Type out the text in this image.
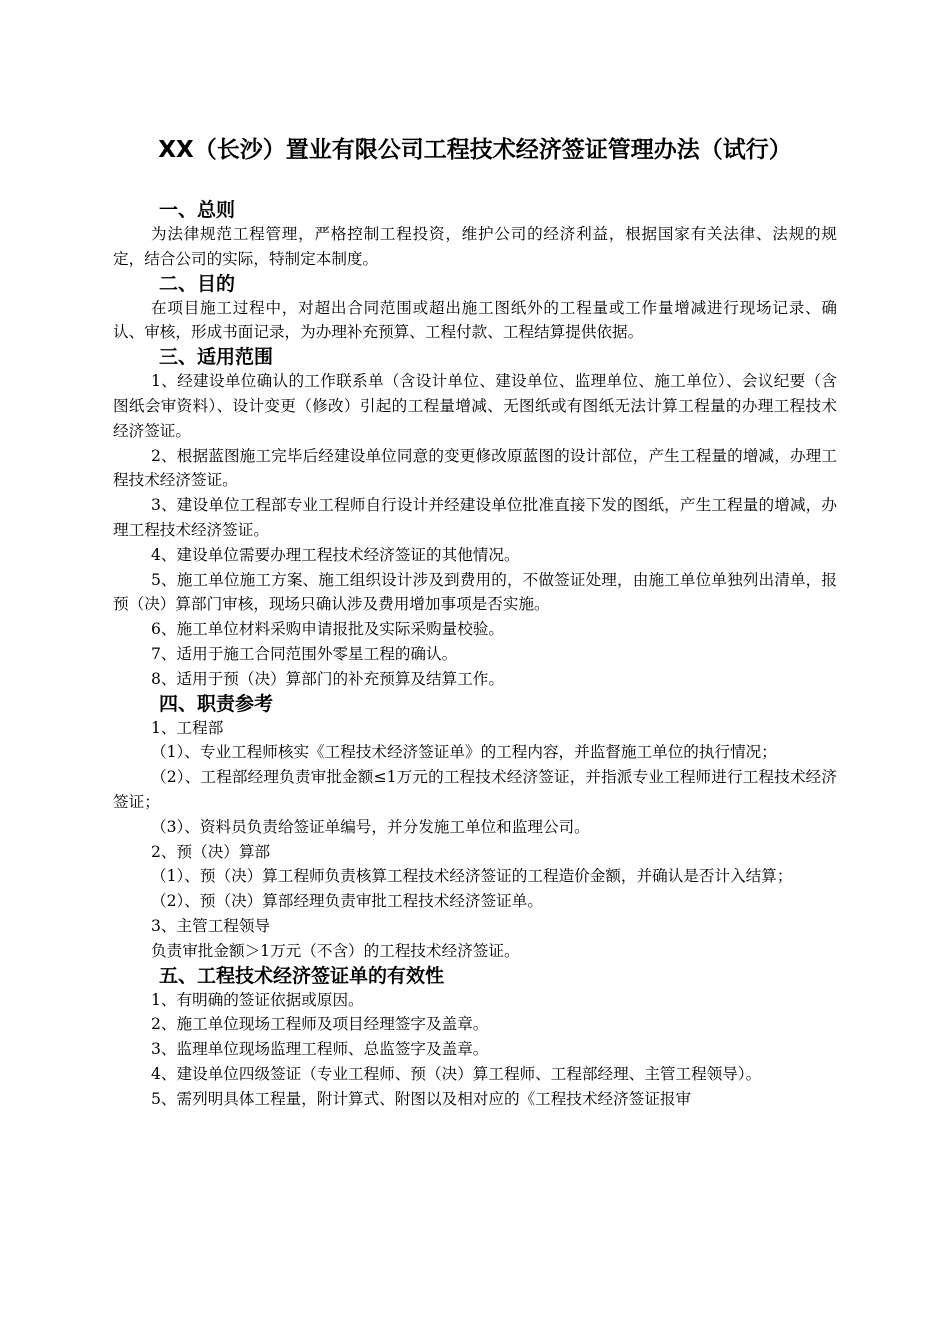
XX（长沙）置业有限公司工程技术经济签证管理办法（试行）
一、总则
为法律规范工程管理，严格控制工程投资，维护公司的经济利益，根据国家有关法律、法规的规定，结合公司的实际，特制定本制度。
二、目的
在项目施工过程中，对超出合同范围或超出施工图纸外的工程量或工作量增减进行现场记录、确认、审核，形成书面记录，为办理补充预算、工程付款、工程结算提供依据。
三、适用范围
1、经建设单位确认的工作联系单（含设计单位、建设单位、监理单位、施工单位）、会议纪要（含图纸会审资料）、设计变更（修改）引起的工程量增减、无图纸或有图纸无法计算工程量的办理工程技术经济签证。
2、根据蓝图施工完毕后经建设单位同意的变更修改原蓝图的设计部位，产生工程量的增减，办理工程技术经济签证。
3、建设单位工程部专业工程师自行设计并经建设单位批准直接下发的图纸，产生工程量的增减，办理工程技术经济签证。
4、建设单位需要办理工程技术经济签证的其他情况。
5、施工单位施工方案、施工组织设计涉及到费用的，不做签证处理，由施工单位单独列出清单，报预（决）算部门审核，现场只确认涉及费用增加事项是否实施。
6、施工单位材料采购申请报批及实际采购量校验。
7、适用于施工合同范围外零星工程的确认。
8、适用于预（决）算部门的补充预算及结算工作。
四、职责参考
1、工程部
（1）、专业工程师核实《工程技术经济签证单》的工程内容，并监督施工单位的执行情况；
（2）、工程部经理负责审批金额≤1万元的工程技术经济签证，并指派专业工程师进行工程技术经济签证；
（3）、资料员负责给签证单编号，并分发施工单位和监理公司。
2、预（决）算部
（1）、预（决）算工程师负责核算工程技术经济签证的工程造价金额，并确认是否计入结算；
（2）、预（决）算部经理负责审批工程技术经济签证单。
3、主管工程领导
负责审批金额＞1万元（不含）的工程技术经济签证。
五、工程技术经济签证单的有效性
1、有明确的签证依据或原因。
2、施工单位现场工程师及项目经理签字及盖章。
3、监理单位现场监理工程师、总监签字及盖章。
4、建设单位四级签证（专业工程师、预（决）算工程师、工程部经理、主管工程领导）。
5、需列明具体工程量，附计算式、附图以及相对应的《工程技术经济签证报审
